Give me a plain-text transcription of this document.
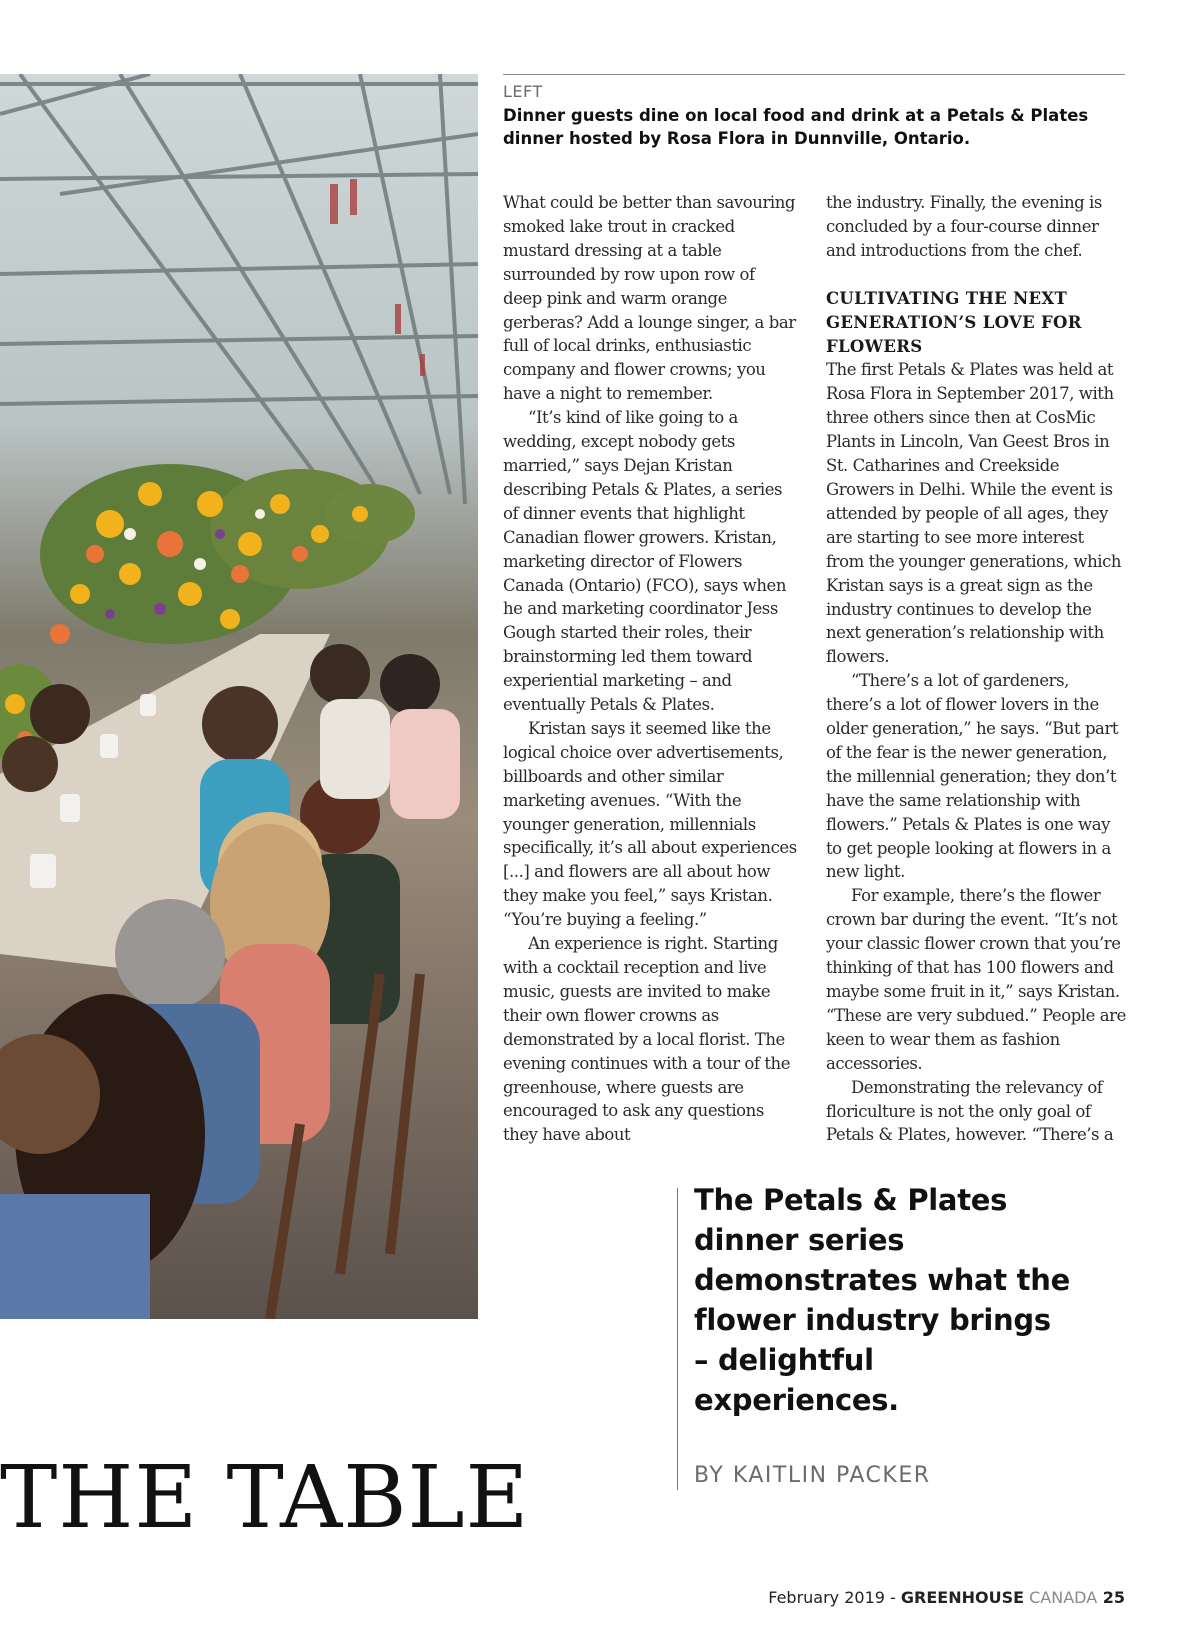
LEFT
Dinner guests dine on local food and drink at a Petals & Plates dinner hosted by Rosa Flora in Dunnville, Ontario.

What could be better than savouring smoked lake trout in cracked mustard dressing at a table surrounded by row upon row of deep pink and warm orange gerberas? Add a lounge singer, a bar full of local drinks, enthusiastic company and flower crowns; you have a night to remember.

“It’s kind of like going to a wedding, except nobody gets married,” says Dejan Kristan describing Petals & Plates, a series of dinner events that highlight Canadian flower growers. Kristan, marketing director of Flowers Canada (Ontario) (FCO), says when he and marketing coordinator Jess Gough started their roles, their brainstorming led them toward experiential marketing – and eventually Petals & Plates.

Kristan says it seemed like the logical choice over advertisements, billboards and other similar marketing avenues. “With the younger generation, millennials specifically, it’s all about experiences [...] and flowers are all about how they make you feel,” says Kristan. “You’re buying a feeling.”

An experience is right. Starting with a cocktail reception and live music, guests are invited to make their own flower crowns as demonstrated by a local florist. The evening continues with a tour of the greenhouse, where guests are encouraged to ask any questions they have about

the industry. Finally, the evening is concluded by a four-course dinner and introductions from the chef.

CULTIVATING THE NEXT GENERATION’S LOVE FOR FLOWERS

The first Petals & Plates was held at Rosa Flora in September 2017, with three others since then at CosMic Plants in Lincoln, Van Geest Bros in St. Catharines and Creekside Growers in Delhi. While the event is attended by people of all ages, they are starting to see more interest from the younger generations, which Kristan says is a great sign as the industry continues to develop the next generation’s relationship with flowers.

“There’s a lot of gardeners, there’s a lot of flower lovers in the older generation,” he says. “But part of the fear is the newer generation, the millennial generation; they don’t have the same relationship with flowers.” Petals & Plates is one way to get people looking at flowers in a new light.

For example, there’s the flower crown bar during the event. “It’s not your classic flower crown that you’re thinking of that has 100 flowers and maybe some fruit in it,” says Kristan. “These are very subdued.” People are keen to wear them as fashion accessories.

Demonstrating the relevancy of floriculture is not the only goal of Petals & Plates, however. “There’s a

The Petals & Plates dinner series demonstrates what the flower industry brings – delightful experiences.
BY KAITLIN PACKER
THE TABLE
February 2019 - GREENHOUSE CANADA 25
